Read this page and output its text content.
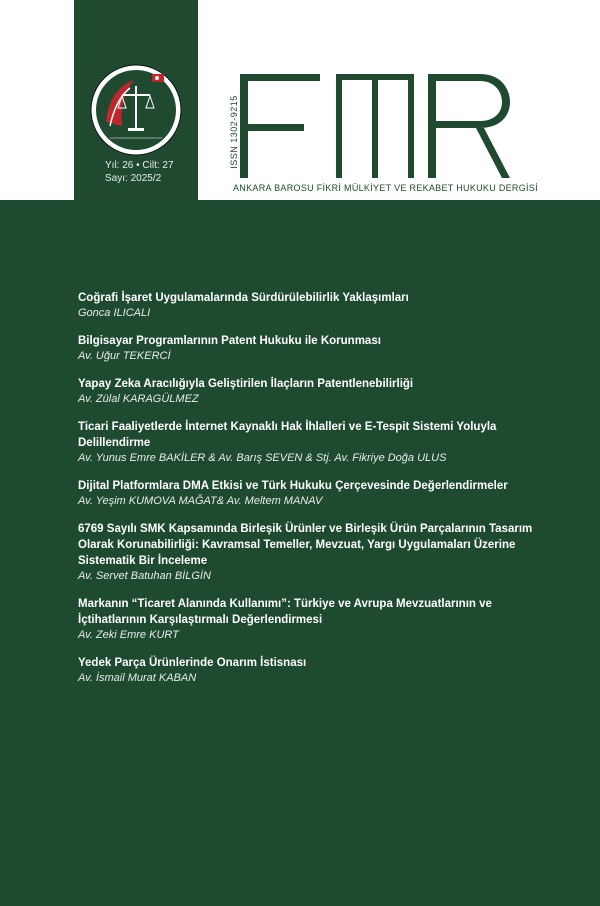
Yıl: 26 • Cilt: 27
Sayı: 2025/2
ISSN 1302-9215
ANKARA BAROSU FİKRİ MÜLKİYET VE REKABET HUKUKU DERGİSİ
Coğrafi İşaret Uygulamalarında Sürdürülebilirlik Yaklaşımları
Gonca ILICALI
Bilgisayar Programlarının Patent Hukuku ile Korunması
Av. Uğur TEKERCİ
Yapay Zeka Aracılığıyla Geliştirilen İlaçların Patentlenebilirliği
Av. Zülal KARAGÜLMEZ
Ticari Faaliyetlerde İnternet Kaynaklı Hak İhlalleri ve E-Tespit Sistemi Yoluyla Delillendirme
Av. Yunus Emre BAKİLER & Av. Barış SEVEN & Stj. Av. Fikriye Doğa ULUS
Dijital Platformlara DMA Etkisi ve Türk Hukuku Çerçevesinde Değerlendirmeler
Av. Yeşim KUMOVA MAĞAT& Av. Meltem MANAV
6769 Sayılı SMK Kapsamında Birleşik Ürünler ve Birleşik Ürün Parçalarının Tasarım Olarak Korunabilirliği: Kavramsal Temeller, Mevzuat, Yargı Uygulamaları Üzerine Sistematik Bir İnceleme
Av. Servet Batuhan BİLGİN
Markanın “Ticaret Alanında Kullanımı”: Türkiye ve Avrupa Mevzuatlarının ve İçtihatlarının Karşılaştırmalı Değerlendirmesi
Av. Zeki Emre KURT
Yedek Parça Ürünlerinde Onarım İstisnası
Av. İsmail Murat KABAN
